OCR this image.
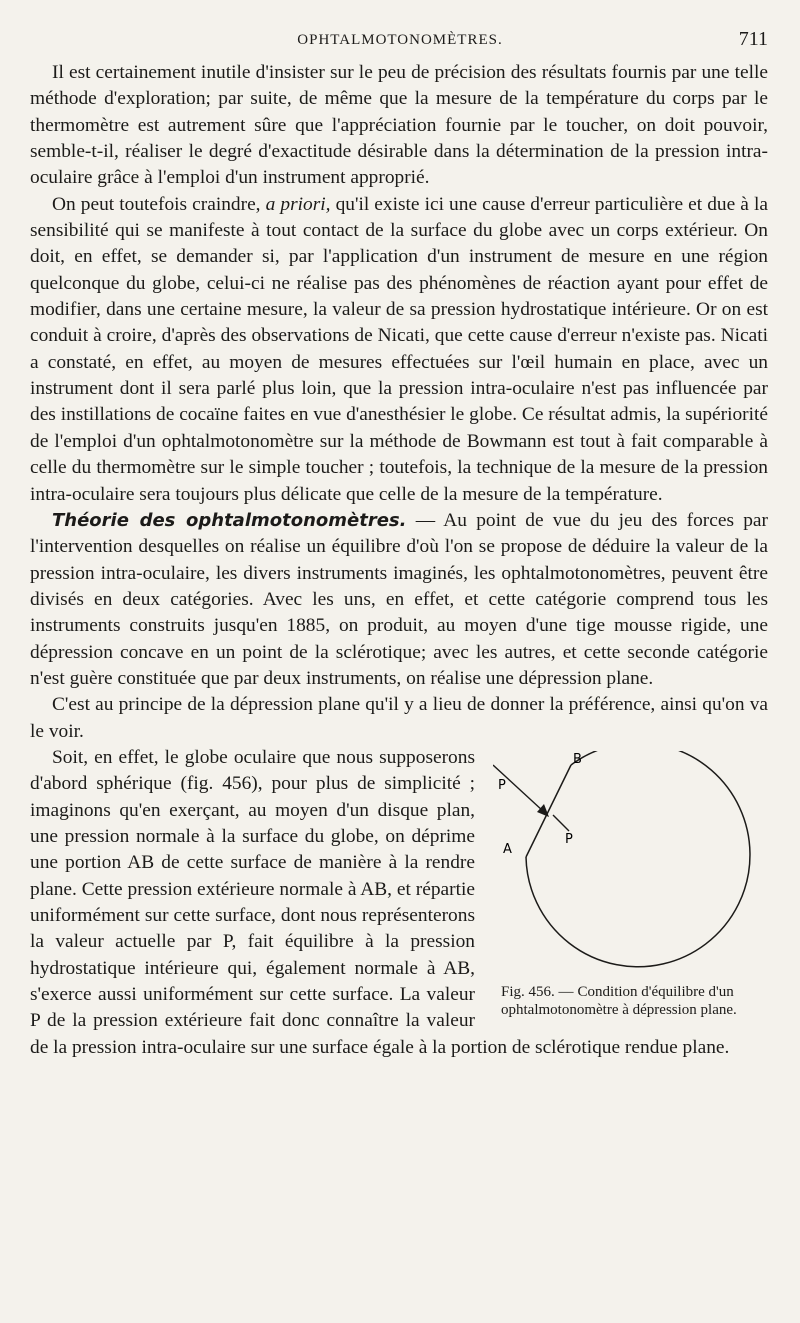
OPHTALMOTONOMÈTRES.	711

Il est certainement inutile d'insister sur le peu de précision des résultats fournis par une telle méthode d'exploration; par suite, de même que la mesure de la température du corps par le thermomètre est autrement sûre que l'appréciation fournie par le toucher, on doit pouvoir, semble-t-il, réaliser le degré d'exactitude désirable dans la détermination de la pression intra-oculaire grâce à l'emploi d'un instrument approprié.

On peut toutefois craindre, a priori, qu'il existe ici une cause d'erreur particulière et due à la sensibilité qui se manifeste à tout contact de la surface du globe avec un corps extérieur. On doit, en effet, se demander si, par l'application d'un instrument de mesure en une région quelconque du globe, celui-ci ne réalise pas des phénomènes de réaction ayant pour effet de modifier, dans une certaine mesure, la valeur de sa pression hydrostatique intérieure. Or on est conduit à croire, d'après des observations de Nicati, que cette cause d'erreur n'existe pas. Nicati a constaté, en effet, au moyen de mesures effectuées sur l'œil humain en place, avec un instrument dont il sera parlé plus loin, que la pression intra-oculaire n'est pas influencée par des instillations de cocaïne faites en vue d'anesthésier le globe. Ce résultat admis, la supériorité de l'emploi d'un ophtalmotonomètre sur la méthode de Bowmann est tout à fait comparable à celle du thermomètre sur le simple toucher ; toutefois, la technique de la mesure de la pression intra-oculaire sera toujours plus délicate que celle de la mesure de la température.

Théorie des ophtalmotonomètres. — Au point de vue du jeu des forces par l'intervention desquelles on réalise un équilibre d'où l'on se propose de déduire la valeur de la pression intra-oculaire, les divers instruments imaginés, les ophtalmotonomètres, peuvent être divisés en deux catégories. Avec les uns, en effet, et cette catégorie comprend tous les instruments construits jusqu'en 1885, on produit, au moyen d'une tige mousse rigide, une dépression concave en un point de la sclérotique; avec les autres, et cette seconde catégorie n'est guère constituée que par deux instruments, on réalise une dépression plane.

C'est au principe de la dépression plane qu'il y a lieu de donner la préférence, ainsi qu'on va le voir.

B
P
P
A
Fig. 456. — Condition d'équilibre d'un ophtalmotonomètre à dépression plane.

Soit, en effet, le globe oculaire que nous supposerons d'abord sphérique (fig. 456), pour plus de simplicité ; imaginons qu'en exerçant, au moyen d'un disque plan, une pression normale à la surface du globe, on déprime une portion AB de cette surface de manière à la rendre plane. Cette pression extérieure normale à AB, et répartie uniformément sur cette surface, dont nous représenterons la valeur actuelle par P, fait équilibre à la pression hydrostatique intérieure qui, également normale à AB, s'exerce aussi uniformément sur cette surface. La valeur P de la pression extérieure fait donc connaître la valeur de la pression intra-oculaire sur une surface égale à la portion de sclérotique rendue plane.
